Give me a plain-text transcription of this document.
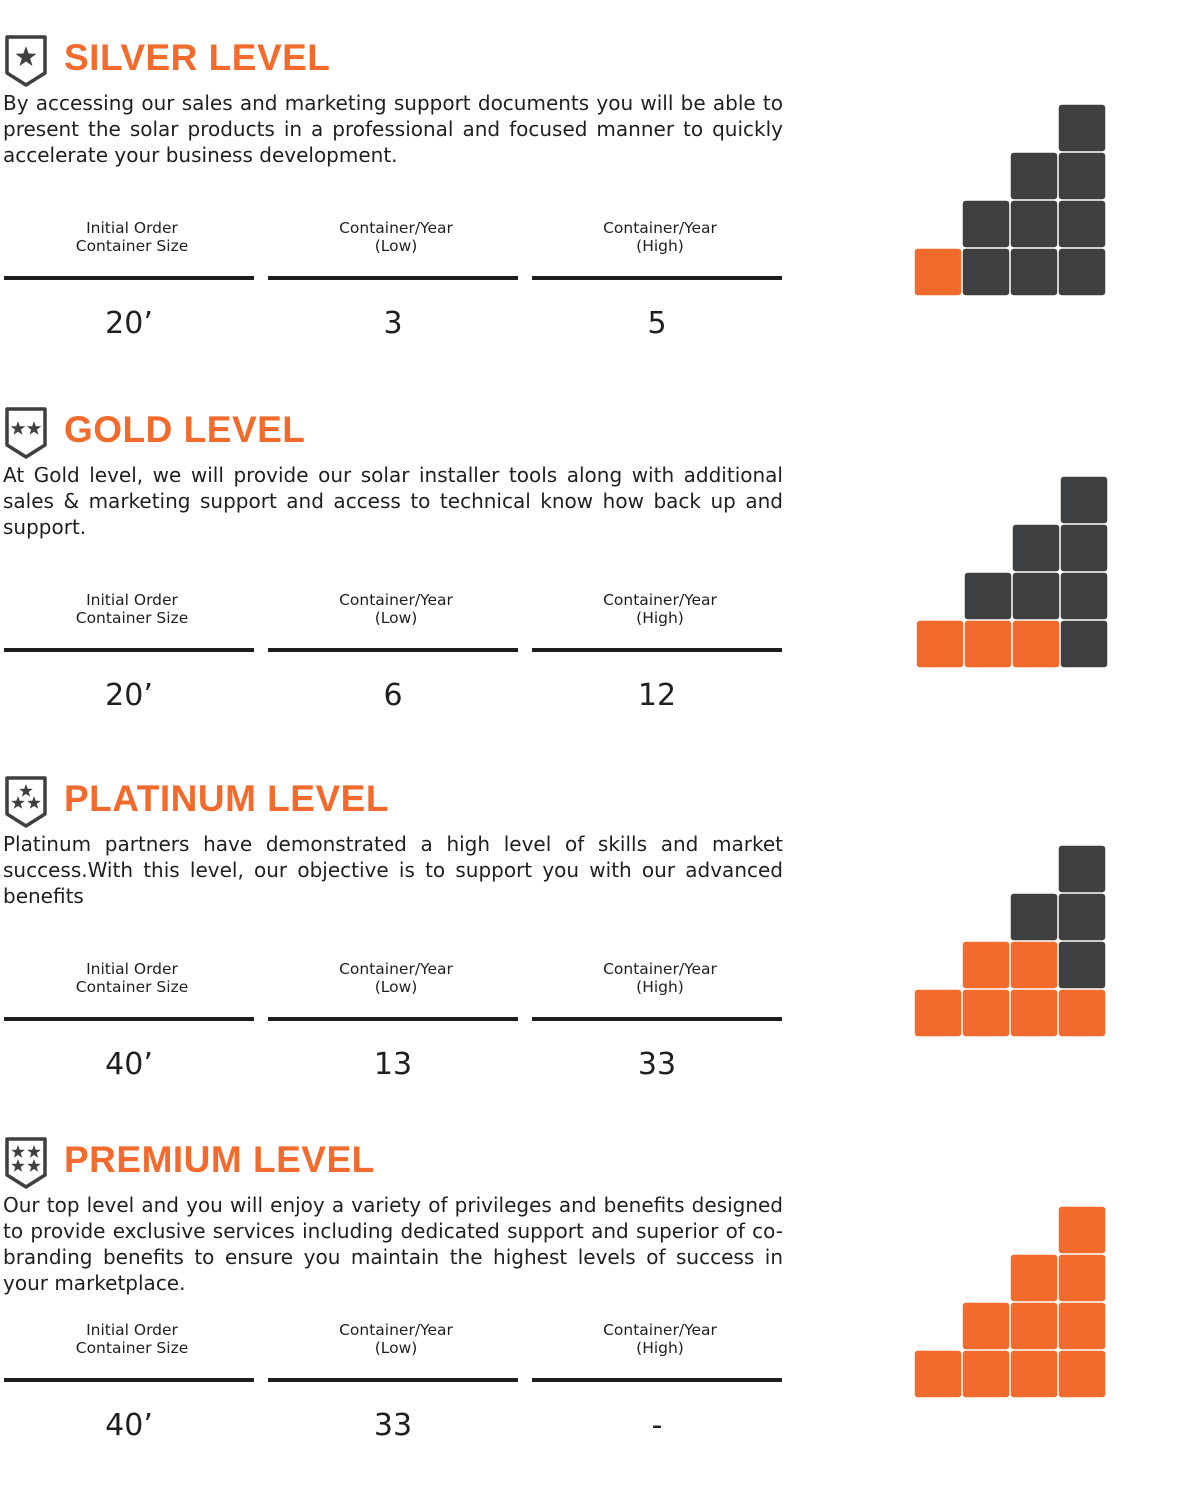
SILVER LEVEL

By accessing our sales and marketing support documents you will be able to present the solar products in a professional and focused manner to quickly accelerate your business development.

Initial Order
Container Size
20’
Container/Year
(Low)
3
Container/Year
(High)
5
GOLD LEVEL

At Gold level, we will provide our solar installer tools along with additional sales & marketing support and access to technical know how back up and support.

Initial Order
Container Size
20’
Container/Year
(Low)
6
Container/Year
(High)
12
PLATINUM LEVEL

Platinum partners have demonstrated a high level of skills and market success.With this level, our objective is to support you with our advanced benefits

Initial Order
Container Size
40’
Container/Year
(Low)
13
Container/Year
(High)
33
PREMIUM LEVEL

Our top level and you will enjoy a variety of privileges and benefits designed to provide exclusive services including dedicated support and superior of co-branding benefits to ensure you maintain the highest levels of success in your marketplace.

Initial Order
Container Size
40’
Container/Year
(Low)
33
Container/Year
(High)
-
